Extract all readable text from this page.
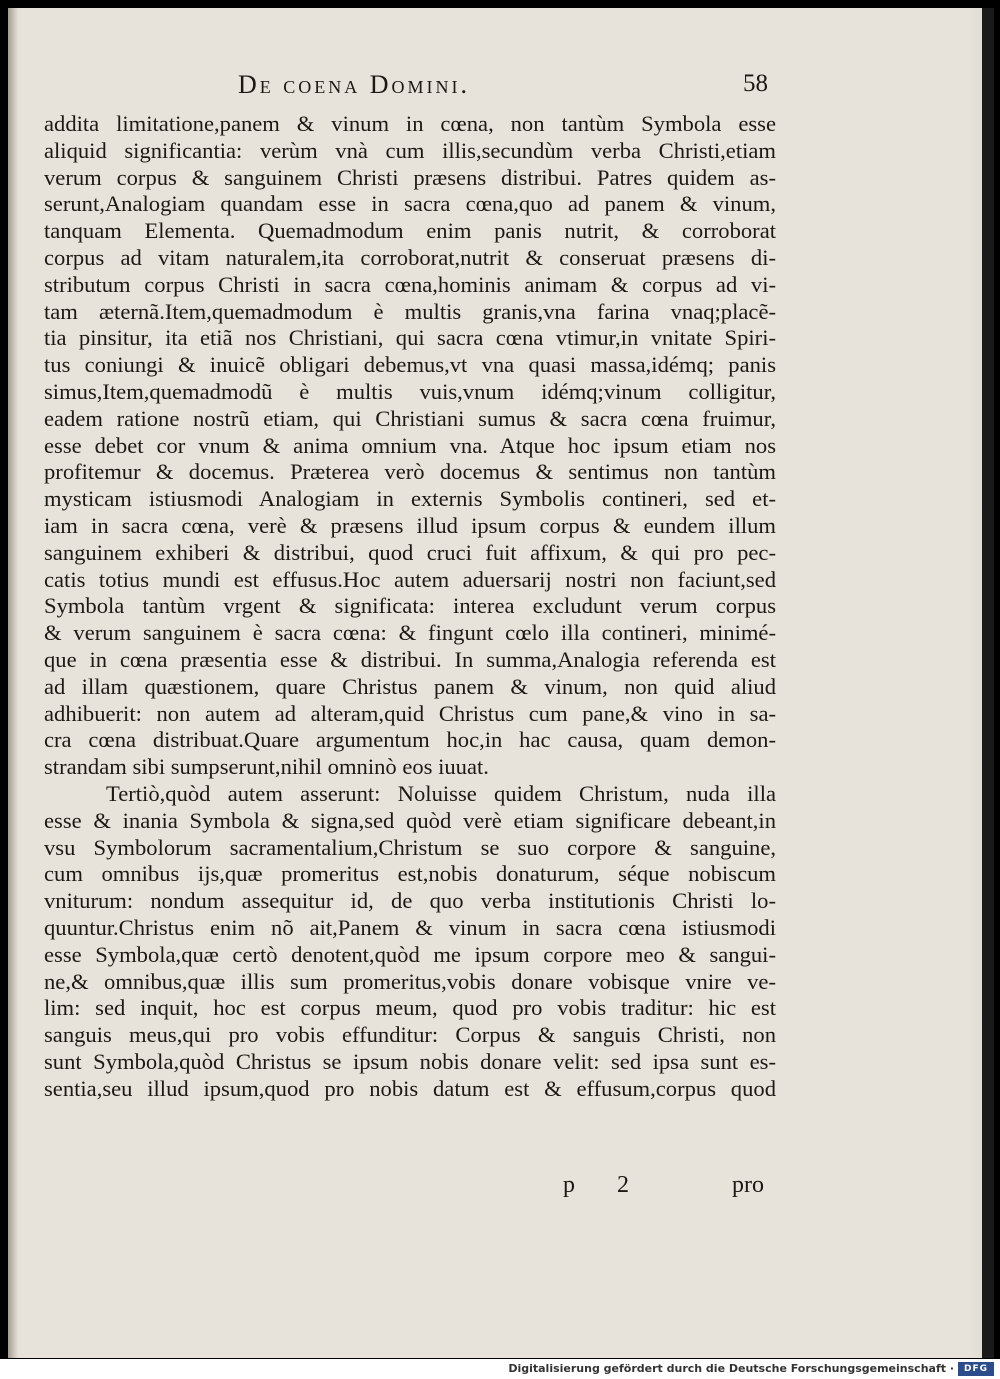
De coena Domini.	58
addita limitatione,panem & vinum in cœna, non tantùm Symbola esse
aliquid significantia: verùm vnà cum illis,secundùm verba Christi,etiam
verum corpus & sanguinem Christi præsens distribui. Patres quidem as-
serunt,Analogiam quandam esse in sacra cœna,quo ad panem & vinum,
tanquam Elementa. Quemadmodum enim panis nutrit, & corroborat
corpus ad vitam naturalem,ita corroborat,nutrit & conseruat præsens di-
stributum corpus Christi in sacra cœna,hominis animam & corpus ad vi-
tam æternã.Item,quemadmodum è multis granis,vna farina vnaq;placẽ-
tia pinsitur, ita etiã nos Christiani, qui sacra cœna vtimur,in vnitate Spiri-
tus coniungi & inuicẽ obligari debemus,vt vna quasi massa,idémq; panis
simus,Item,quemadmodũ è multis vuis,vnum idémq;vinum colligitur,
eadem ratione nostrũ etiam, qui Christiani sumus & sacra cœna fruimur,
esse debet cor vnum & anima omnium vna. Atque hoc ipsum etiam nos
profitemur & docemus. Præterea verò docemus & sentimus non tantùm
mysticam istiusmodi Analogiam in externis Symbolis contineri, sed et-
iam in sacra cœna, verè & præsens illud ipsum corpus & eundem illum
sanguinem exhiberi & distribui, quod cruci fuit affixum, & qui pro pec-
catis totius mundi est effusus.Hoc autem aduersarij nostri non faciunt,sed
Symbola tantùm vrgent & significata: interea excludunt verum corpus
& verum sanguinem è sacra cœna: & fingunt cœlo illa contineri, minimé-
que in cœna præsentia esse & distribui. In summa,Analogia referenda est
ad illam quæstionem, quare Christus panem & vinum, non quid aliud
adhibuerit: non autem ad alteram,quid Christus cum pane,& vino in sa-
cra cœna distribuat.Quare argumentum hoc,in hac causa, quam demon-
strandam sibi sumpserunt,nihil omninò eos iuuat.
Tertiò,quòd autem asserunt: Noluisse quidem Christum, nuda illa
esse & inania Symbola & signa,sed quòd verè etiam significare debeant,in
vsu Symbolorum sacramentalium,Christum se suo corpore & sanguine,
cum omnibus ijs,quæ promeritus est,nobis donaturum, séque nobiscum
vniturum: nondum assequitur id, de quo verba institutionis Christi lo-
quuntur.Christus enim nõ ait,Panem & vinum in sacra cœna istiusmodi
esse Symbola,quæ certò denotent,quòd me ipsum corpore meo & sangui-
ne,& omnibus,quæ illis sum promeritus,vobis donare vobisque vnire ve-
lim: sed inquit, hoc est corpus meum, quod pro vobis traditur: hic est
sanguis meus,qui pro vobis effunditur: Corpus & sanguis Christi, non
sunt Symbola,quòd Christus se ipsum nobis donare velit: sed ipsa sunt es-
sentia,seu illud ipsum,quod pro nobis datum est & effusum,corpus quod
p 2	pro
Digitalisierung gefördert durch die Deutsche Forschungsgemeinschaft ·	DFG
